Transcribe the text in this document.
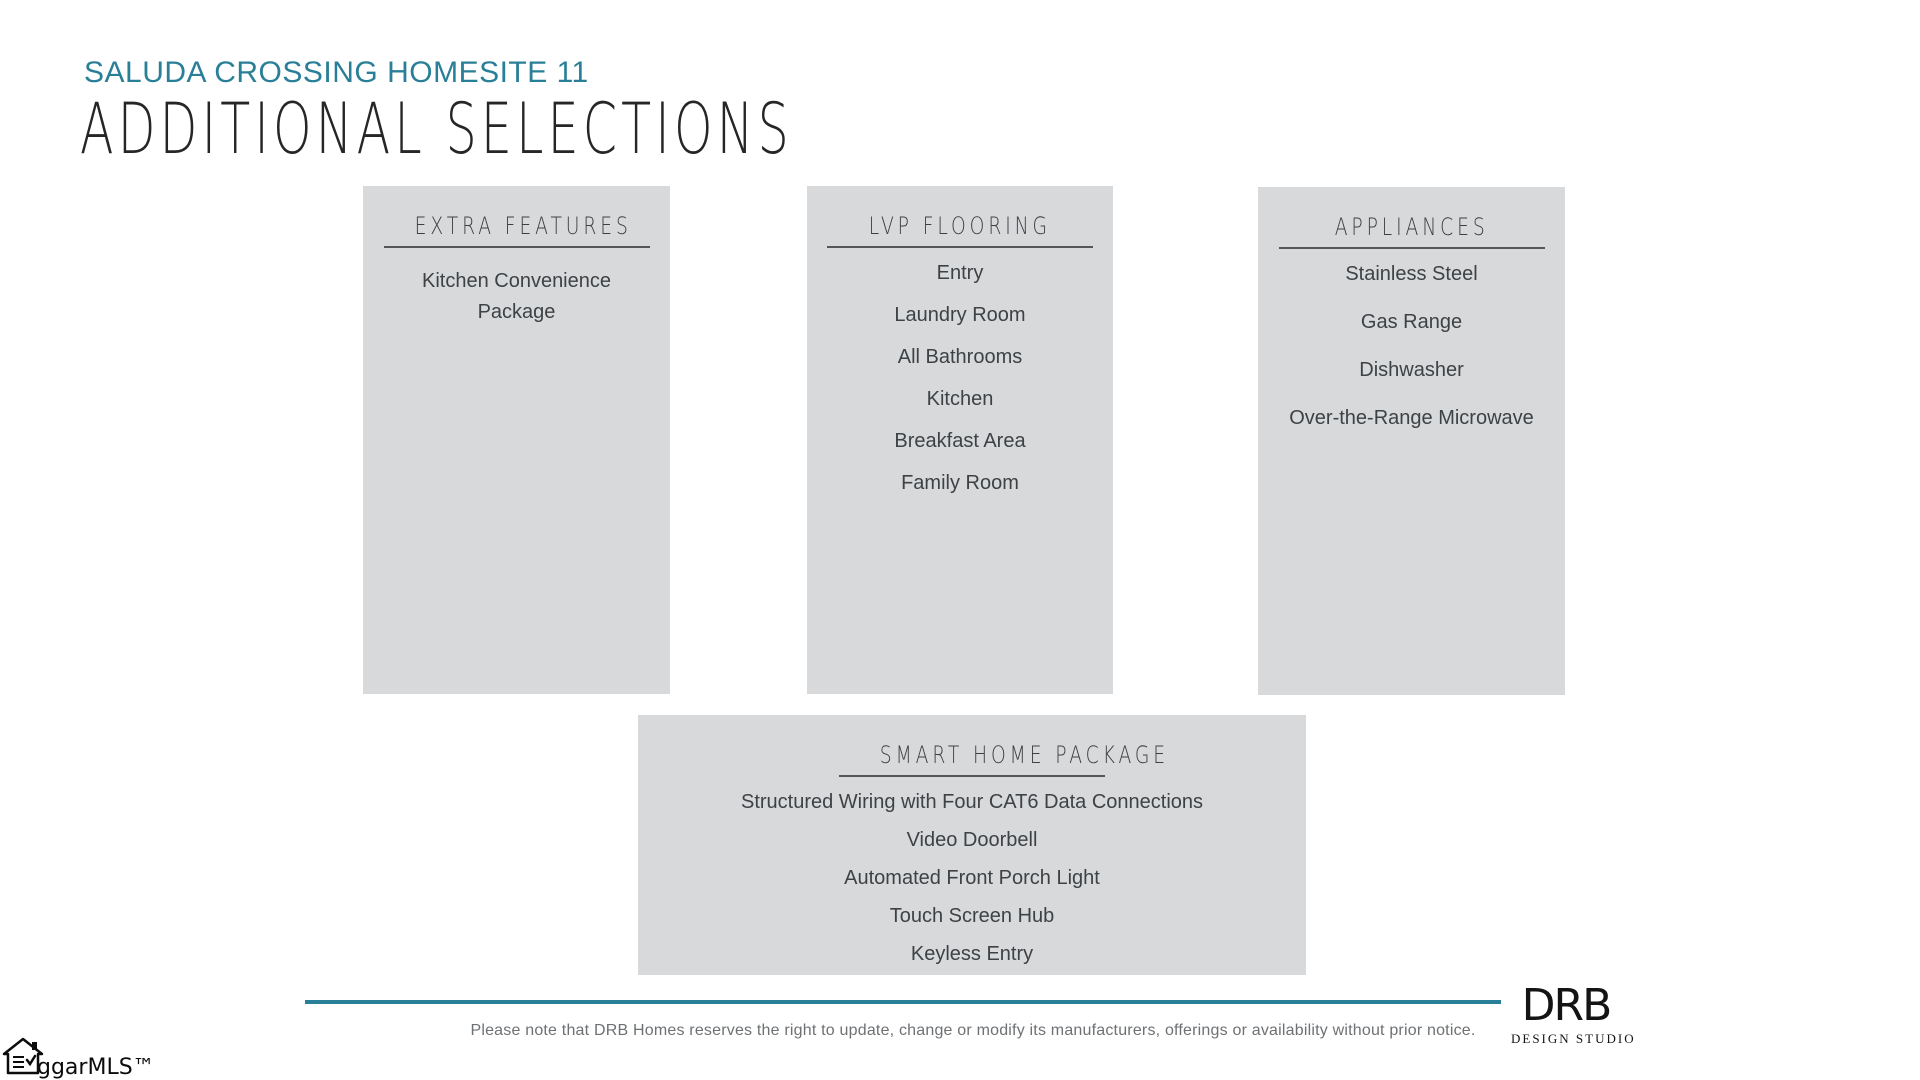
SALUDA CROSSING HOMESITE 11
ADDITIONAL SELECTIONS
EXTRA FEATURES
Kitchen Convenience Package
LVP FLOORING
Entry
Laundry Room
All Bathrooms
Kitchen
Breakfast Area
Family Room
APPLIANCES
Stainless Steel
Gas Range
Dishwasher
Over-the-Range Microwave
SMART HOME PACKAGE
Structured Wiring with Four CAT6 Data Connections
Video Doorbell
Automated Front Porch Light
Touch Screen Hub
Keyless Entry

Please note that DRB Homes reserves the right to update, change or modify its manufacturers, offerings or availability without prior notice.	DRB
DESIGN STUDIO
ggarMLS™
